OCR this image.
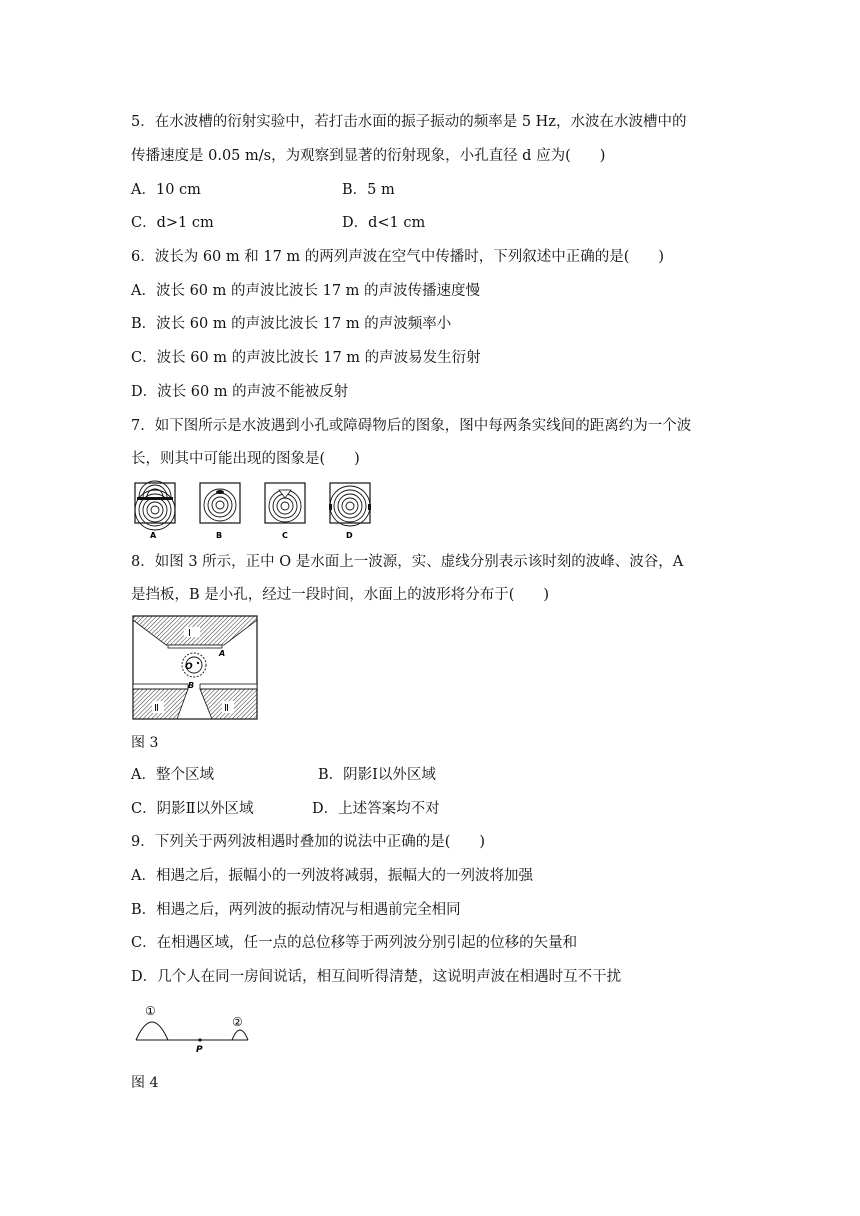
5．在水波槽的衍射实验中，若打击水面的振子振动的频率是 5 Hz，水波在水波槽中的
传播速度是 0.05 m/s，为观察到显著的衍射现象，小孔直径 d 应为(　　)
A．10 cm	B．5 m
C．d>1 cm	D．d<1 cm
6．波长为 60 m 和 17 m 的两列声波在空气中传播时，下列叙述中正确的是(　　)
A．波长 60 m 的声波比波长 17 m 的声波传播速度慢
B．波长 60 m 的声波比波长 17 m 的声波频率小
C．波长 60 m 的声波比波长 17 m 的声波易发生衍射
D．波长 60 m 的声波不能被反射
7．如下图所示是水波遇到小孔或障碍物后的图象，图中每两条实线间的距离约为一个波
长，则其中可能出现的图象是(　　)
A	B	C	D
8．如图 3 所示，正中 O 是水面上一波源，实、虚线分别表示该时刻的波峰、波谷，A
是挡板，B 是小孔，经过一段时间，水面上的波形将分布于(　　)
Ⅰ
A
O
B
Ⅱ	Ⅱ
图 3
A．整个区域	B．阴影Ⅰ以外区域
C．阴影Ⅱ以外区域	D．上述答案均不对
9．下列关于两列波相遇时叠加的说法中正确的是(　　)
A．相遇之后，振幅小的一列波将减弱，振幅大的一列波将加强
B．相遇之后，两列波的振动情况与相遇前完全相同
C．在相遇区域，任一点的总位移等于两列波分别引起的位移的矢量和
D．几个人在同一房间说话，相互间听得清楚，这说明声波在相遇时互不干扰
①
②
P
图 4
